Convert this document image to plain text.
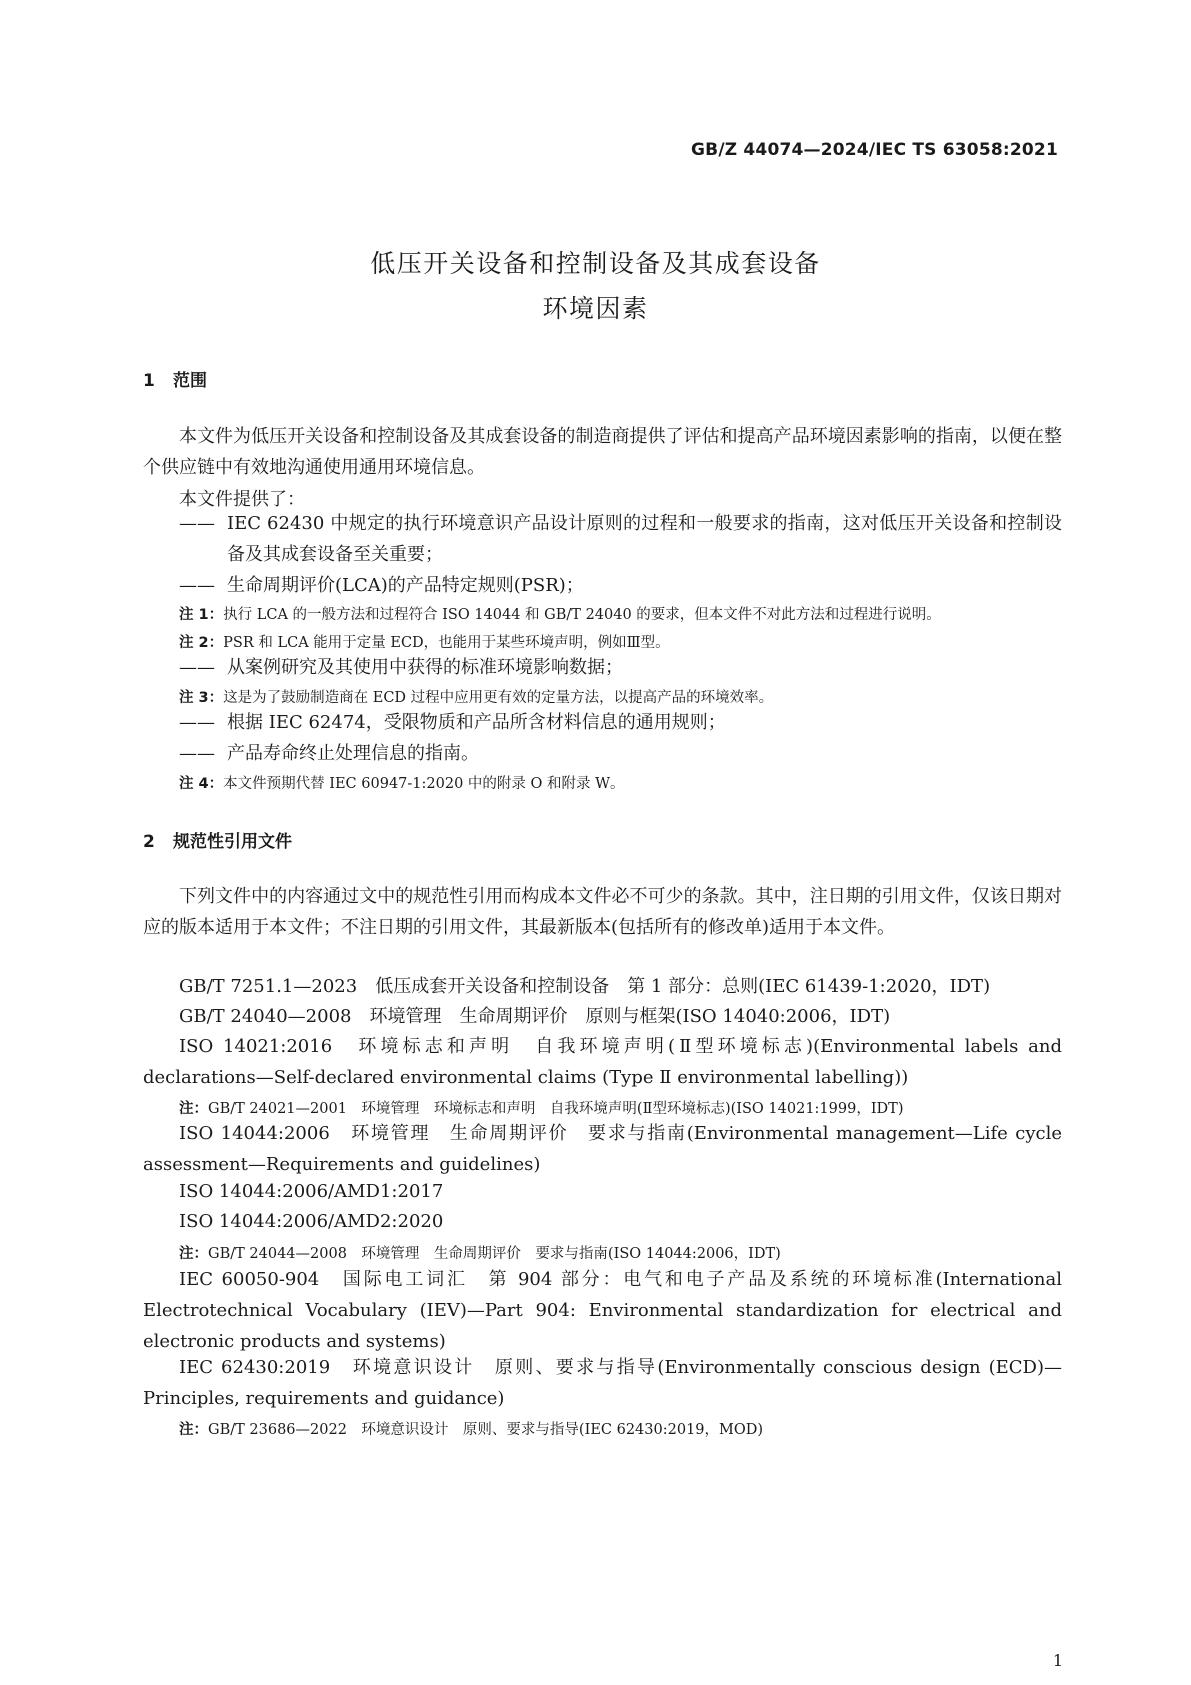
GB/Z 44074—2024/IEC TS 63058:2021
低压开关设备和控制设备及其成套设备
环境因素
1 范围

本文件为低压开关设备和控制设备及其成套设备的制造商提供了评估和提高产品环境因素影响的指南，以便在整个供应链中有效地沟通使用通用环境信息。

本文件提供了：
—— IEC 62430 中规定的执行环境意识产品设计原则的过程和一般要求的指南，这对低压开关设备和控制设备及其成套设备至关重要；
—— 生命周期评价(LCA)的产品特定规则(PSR)；
注 1：执行 LCA 的一般方法和过程符合 ISO 14044 和 GB/T 24040 的要求，但本文件不对此方法和过程进行说明。
注 2：PSR 和 LCA 能用于定量 ECD，也能用于某些环境声明，例如Ⅲ型。
—— 从案例研究及其使用中获得的标准环境影响数据；
注 3：这是为了鼓励制造商在 ECD 过程中应用更有效的定量方法，以提高产品的环境效率。
—— 根据 IEC 62474，受限物质和产品所含材料信息的通用规则；
—— 产品寿命终止处理信息的指南。
注 4：本文件预期代替 IEC 60947-1:2020 中的附录 O 和附录 W。
2 规范性引用文件

下列文件中的内容通过文中的规范性引用而构成本文件必不可少的条款。其中，注日期的引用文件，仅该日期对应的版本适用于本文件；不注日期的引用文件，其最新版本(包括所有的修改单)适用于本文件。

GB/T 7251.1—2023　低压成套开关设备和控制设备　第 1 部分：总则(IEC 61439-1:2020，IDT)
GB/T 24040—2008　环境管理　生命周期评价　原则与框架(ISO 14040:2006，IDT)
ISO 14021:2016　环境标志和声明　自我环境声明(Ⅱ型环境标志)(Environmental labels and declarations—Self-declared environmental claims (Type Ⅱ environmental labelling))
注：GB/T 24021—2001　环境管理　环境标志和声明　自我环境声明(Ⅱ型环境标志)(ISO 14021:1999，IDT)
ISO 14044:2006　环境管理　生命周期评价　要求与指南(Environmental management—Life cycle assessment—Requirements and guidelines)
ISO 14044:2006/AMD1:2017
ISO 14044:2006/AMD2:2020
注：GB/T 24044—2008　环境管理　生命周期评价　要求与指南(ISO 14044:2006，IDT)
IEC 60050-904　国际电工词汇　第 904 部分：电气和电子产品及系统的环境标准(International Electrotechnical Vocabulary (IEV)—Part 904: Environmental standardization for electrical and electronic products and systems)
IEC 62430:2019　环境意识设计　原则、要求与指导(Environmentally conscious design (ECD)—Principles, requirements and guidance)
注：GB/T 23686—2022　环境意识设计　原则、要求与指导(IEC 62430:2019，MOD)
1
